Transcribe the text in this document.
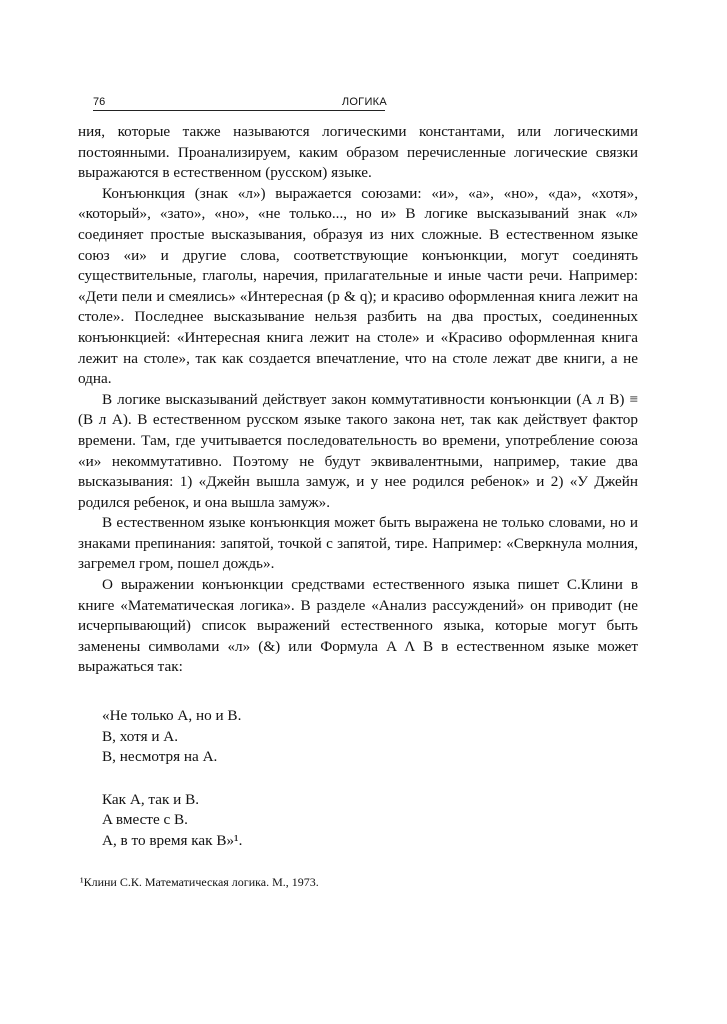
76	ЛОГИКА

ния, которые также называются логическими константами, или логическими постоянными. Проанализируем, каким образом перечисленные логические связки выражаются в естественном (русском) языке.

Конъюнкция (знак «л») выражается союзами: «и», «а», «но», «да», «хотя», «который», «зато», «но», «не только..., но и» В логике высказываний знак «л» соединяет простые высказывания, образуя из них сложные. В естественном языке союз «и» и другие слова, соответствующие конъюнкции, могут соединять существительные, глаголы, наречия, прилагательные и иные части речи. Например: «Дети пели и смеялись» «Интересная (p & q); и красиво оформленная книга лежит на столе». Последнее высказывание нельзя разбить на два простых, соединенных конъюнкцией: «Интересная книга лежит на столе» и «Красиво оформленная книга лежит на столе», так как создается впечатление, что на столе лежат две книги, а не одна.

В логике высказываний действует закон коммутативности конъюнкции (A л B) ≡ (B л A). В естественном русском языке такого закона нет, так как действует фактор времени. Там, где учитывается последовательность во времени, употребление союза «и» некоммутативно. Поэтому не будут эквивалентными, например, такие два высказывания: 1) «Джейн вышла замуж, и у нее родился ребенок» и 2) «У Джейн родился ребенок, и она вышла замуж».

В естественном языке конъюнкция может быть выражена не только словами, но и знаками препинания: запятой, точкой с запятой, тире. Например: «Сверкнула молния, загремел гром, пошел дождь».

О выражении конъюнкции средствами естественного языка пишет С.Клини в книге «Математическая логика». В разделе «Анализ рассуждений» он приводит (не исчерпывающий) список выражений естественного языка, которые могут быть заменены символами «л» (&) или Формула A Λ B в естественном языке может выражаться так:

«Не только A, но и B.
B, хотя и A.
B, несмотря на A.
Как A, так и B.
A вместе с B.
A, в то время как B»¹.
¹Клини С.К. Математическая логика. М., 1973.
